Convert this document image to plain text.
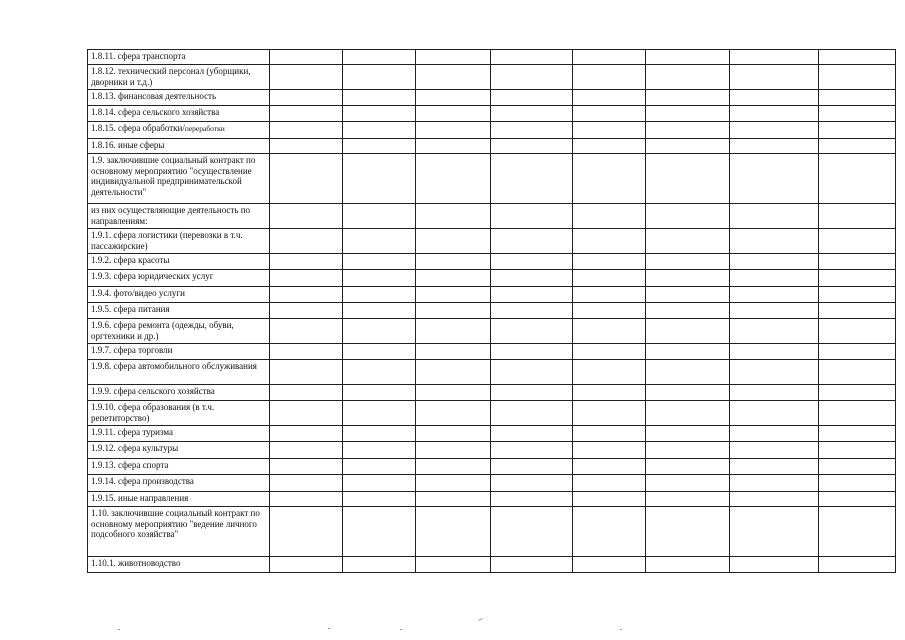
1.8.11. сфера транспорта								
1.8.12. технический персонал (уборщики, дворники и т.д.)								
1.8.13. финансовая деятельность								
1.8.14. сфера сельского хозяйства								
1.8.15. сфера обработки/переработки								
1.8.16. иные сферы								
1.9. заключившие социальный контракт по основному мероприятию "осуществление индивидуальной предпринимательской деятельности"								
из них осуществляющие деятельность по направлениям:								
1.9.1. сфера логистики (перевозки в т.ч. пассажирские)								
1.9.2. сфера красоты								
1.9.3. сфера юридических услуг								
1.9.4. фото/видео услуги								
1.9.5. сфера питания								
1.9.6. сфера ремонта (одежды, обуви, оргтехники и др.)								
1.9.7. сфера торговли								
1.9.8. сфера автомобильного обслуживания								
1.9.9. сфера сельского хозяйства								
1.9.10. сфера образования (в т.ч. репетиторство)								
1.9.11. сфера туризма								
1.9.12. сфера культуры								
1.9.13. сфера спорта								
1.9.14. сфера производства								
1.9.15. иные направления								
1.10. заключившие социальный контракт по основному мероприятию "ведение личного подсобного хозяйства"								
1.10.1. животноводство								
